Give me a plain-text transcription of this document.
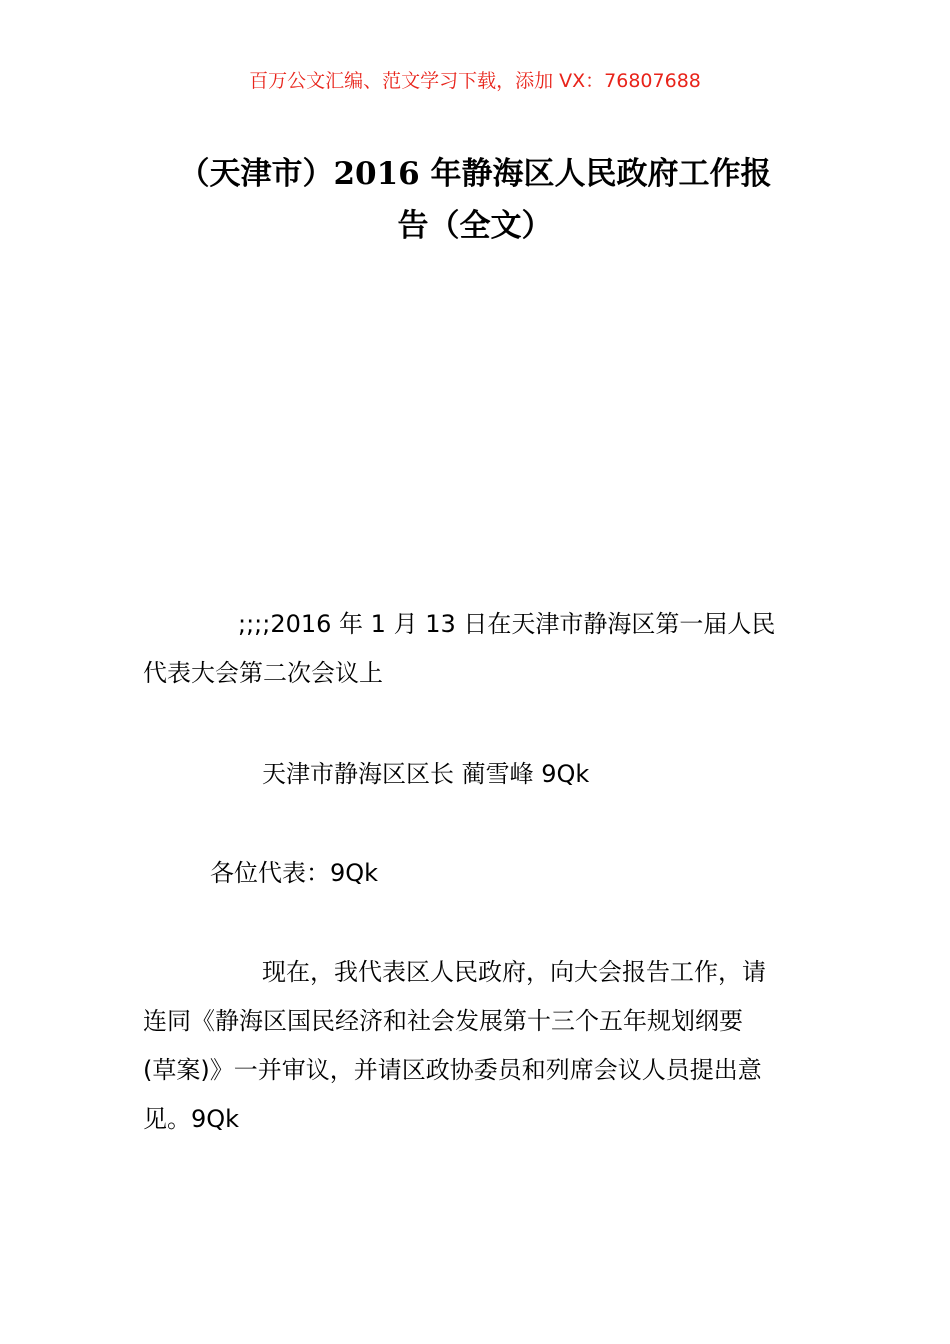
百万公文汇编、范文学习下载，添加 VX：76807688
（天津市）2016 年静海区人民政府工作报
告（全文）
;;;;2016 年 1 月 13 日在天津市静海区第一届人民
代表大会第二次会议上
天津市静海区区长 蔺雪峰 9Qk
各位代表：9Qk
现在，我代表区人民政府，向大会报告工作，请
连同《静海区国民经济和社会发展第十三个五年规划纲要
(草案)》一并审议，并请区政协委员和列席会议人员提出意
见。9Qk
